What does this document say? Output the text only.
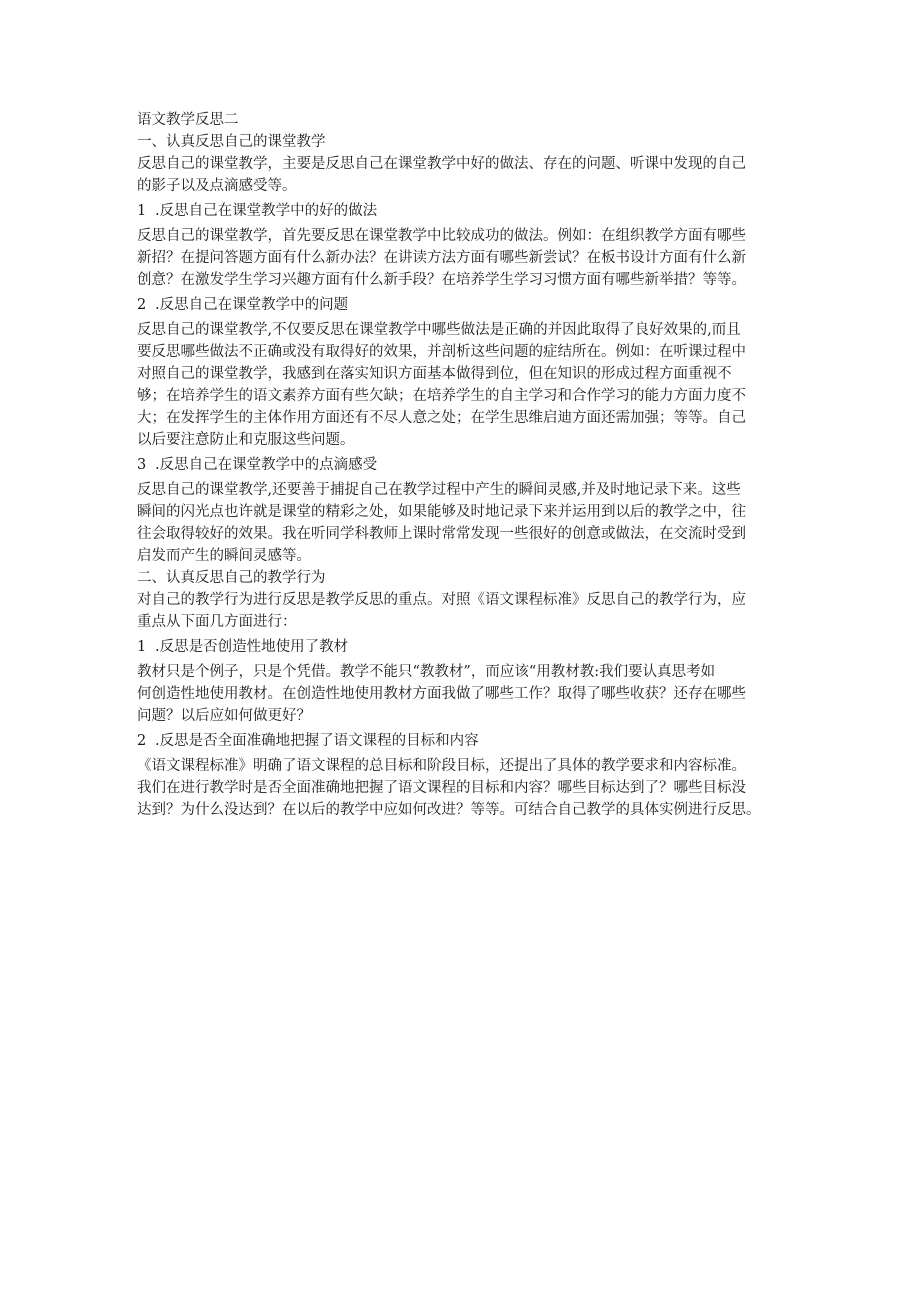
语文教学反思二
一、认真反思自己的课堂教学
反思自己的课堂教学，主要是反思自己在课堂教学中好的做法、存在的问题、听课中发现的自己
的影子以及点滴感受等。
1 .反思自己在课堂教学中的好的做法
反思自己的课堂教学，首先要反思在课堂教学中比较成功的做法。例如：在组织教学方面有哪些
新招？在提问答题方面有什么新办法？在讲读方法方面有哪些新尝试？在板书设计方面有什么新
创意？在激发学生学习兴趣方面有什么新手段？在培养学生学习习惯方面有哪些新举措？等等。
2 .反思自己在课堂教学中的问题
反思自己的课堂教学,不仅要反思在课堂教学中哪些做法是正确的并因此取得了良好效果的,而且
要反思哪些做法不正确或没有取得好的效果，并剖析这些问题的症结所在。例如：在听课过程中
对照自己的课堂教学，我感到在落实知识方面基本做得到位，但在知识的形成过程方面重视不
够；在培养学生的语文素养方面有些欠缺；在培养学生的自主学习和合作学习的能力方面力度不
大；在发挥学生的主体作用方面还有不尽人意之处；在学生思维启迪方面还需加强；等等。自己
以后要注意防止和克服这些问题。
3 .反思自己在课堂教学中的点滴感受
反思自己的课堂教学,还要善于捕捉自己在教学过程中产生的瞬间灵感,并及时地记录下来。这些
瞬间的闪光点也许就是课堂的精彩之处，如果能够及时地记录下来并运用到以后的教学之中，往
往会取得较好的效果。我在听同学科教师上课时常常发现一些很好的创意或做法，在交流时受到
启发而产生的瞬间灵感等。
二、认真反思自己的教学行为
对自己的教学行为进行反思是教学反思的重点。对照《语文课程标准》反思自己的教学行为，应
重点从下面几方面进行：
1 .反思是否创造性地使用了教材
教材只是个例子，只是个凭借。教学不能只“教教材”，而应该“用教材教:我们要认真思考如
何创造性地使用教材。在创造性地使用教材方面我做了哪些工作？取得了哪些收获？还存在哪些
问题？以后应如何做更好？
2 .反思是否全面准确地把握了语文课程的目标和内容
《语文课程标准》明确了语文课程的总目标和阶段目标，还提出了具体的教学要求和内容标准。
我们在进行教学时是否全面准确地把握了语文课程的目标和内容？哪些目标达到了？哪些目标没
达到？为什么没达到？在以后的教学中应如何改进？等等。可结合自己教学的具体实例进行反思。
